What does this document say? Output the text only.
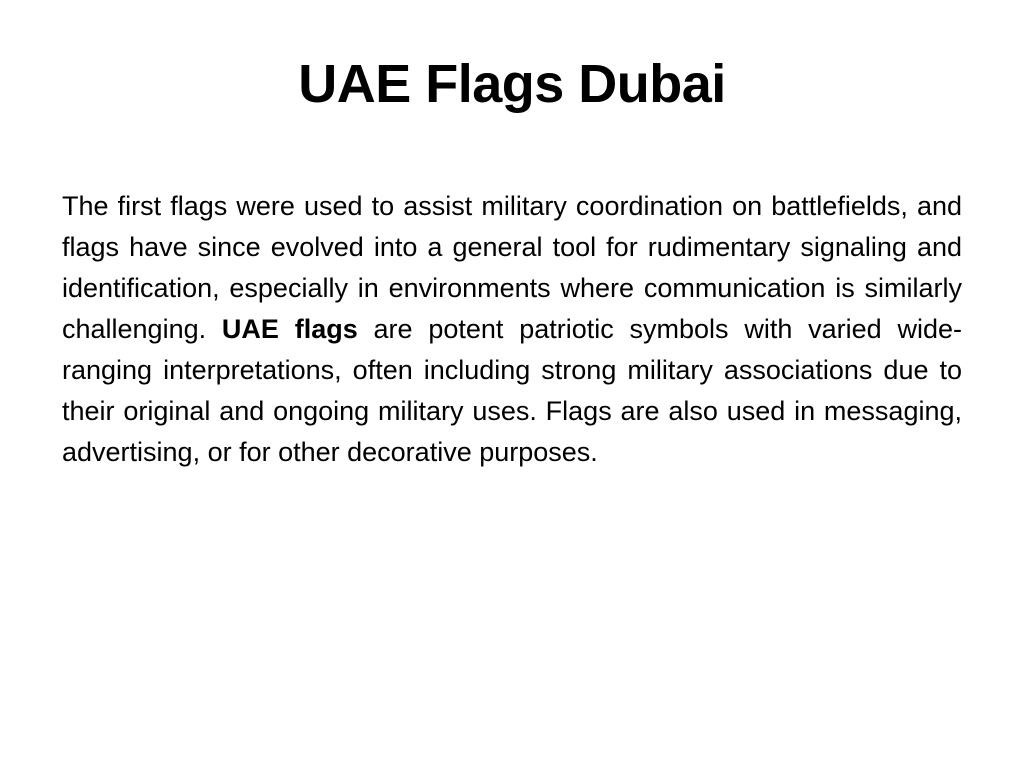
UAE Flags Dubai

The first flags were used to assist military coordination on battlefields, and flags have since evolved into a general tool for rudimentary signaling and identification, especially in environments where communication is similarly challenging. UAE flags are potent patriotic symbols with varied wide-ranging interpretations, often including strong military associations due to their original and ongoing military uses. Flags are also used in messaging, advertising, or for other decorative purposes.
